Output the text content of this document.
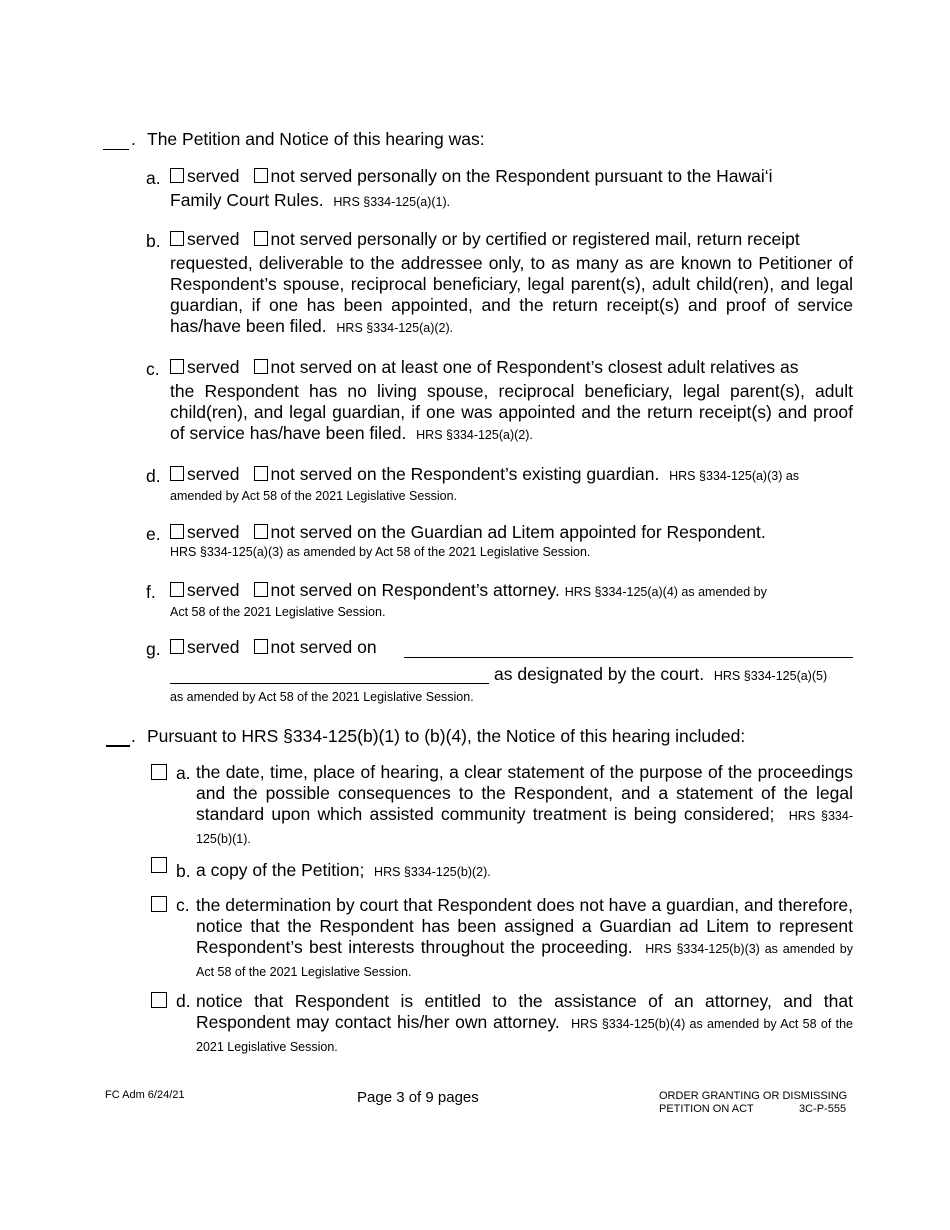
. The Petition and Notice of this hearing was:
a.	served not served personally on the Respondent pursuant to the Hawai‘i
Family Court Rules. HRS §334-125(a)(1).
b.	served not served personally or by certified or registered mail, return receipt
requested, deliverable to the addressee only, to as many as are known to Petitioner of Respondent’s spouse, reciprocal beneficiary, legal parent(s), adult child(ren), and legal guardian, if one has been appointed, and the return receipt(s) and proof of service has/have been filed. HRS §334-125(a)(2).
c.	served not served on at least one of Respondent’s closest adult relatives as
the Respondent has no living spouse, reciprocal beneficiary, legal parent(s), adult child(ren), and legal guardian, if one was appointed and the return receipt(s) and proof of service has/have been filed. HRS §334-125(a)(2).
d.	served not served on the Respondent’s existing guardian. HRS §334-125(a)(3) as
amended by Act 58 of the 2021 Legislative Session.
e.	served not served on the Guardian ad Litem appointed for Respondent.
HRS §334-125(a)(3) as amended by Act 58 of the 2021 Legislative Session.
f.	served not served on Respondent’s attorney. HRS §334-125(a)(4) as amended by
Act 58 of the 2021 Legislative Session.
g.	served not served on
as designated by the court. HRS §334-125(a)(5)
as amended by Act 58 of the 2021 Legislative Session.
. Pursuant to HRS §334-125(b)(1) to (b)(4), the Notice of this hearing included:
a. the date, time, place of hearing, a clear statement of the purpose of the proceedings and the possible consequences to the Respondent, and a statement of the legal standard upon which assisted community treatment is being considered; HRS §334-125(b)(1).
b. a copy of the Petition; HRS §334-125(b)(2).
c. the determination by court that Respondent does not have a guardian, and therefore, notice that the Respondent has been assigned a Guardian ad Litem to represent Respondent’s best interests throughout the proceeding. HRS §334-125(b)(3) as amended by Act 58 of the 2021 Legislative Session.
d. notice that Respondent is entitled to the assistance of an attorney, and that Respondent may contact his/her own attorney. HRS §334-125(b)(4) as amended by Act 58 of the 2021 Legislative Session.
FC Adm 6/24/21	Page 3 of 9 pages	ORDER GRANTING OR DISMISSING
PETITION ON ACT	3C-P-555
